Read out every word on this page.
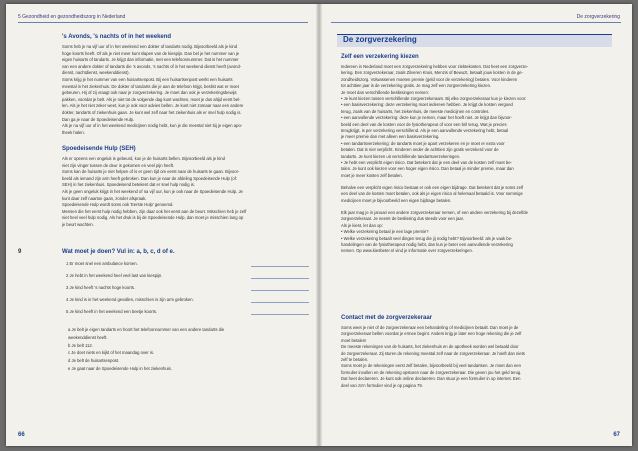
5 Gezondheid en gezondheidszorg in Nederland
's Avonds, 's nachts of in het weekend
Soms heb je na vijf uur of in het weekend een dokter of tandarts nodig. Bijvoorbeeld als je kind
hoge koorts heeft. Of als je niet meer kunt slapen van de kiespijn. Dan bel je het nummer van je
eigen huisarts of tandarts. Je krijgt dan informatie, met een telefoonnummer. Dat is het nummer
van een andere dokter of tandarts die 's avonds, 's nachts of in het weekend dienst heeft (avond-
dienst, nachtdienst, weekenddienst).
Soms krijg je het nummer van een huisartsenpost. Bij een huisartsenpost werkt een huisarts
meestal in het ziekenhuis. De dokter of tandarts die je aan de telefoon krijgt, beslist wat er moet
gebeuren. Hij of zij vraagt ook naar je zorgverzekering. Je moet dan ook je verzekeringsbewijs
pakken, voordat je belt. Als je niet tot de volgende dag kunt wachten, moet je dus altijd eerst bel-
len. Als je het niet zeker weet, kun je ook voor advies bellen. Je kunt niet zomaar naar een andere
dokter, tandarts of ziekenhuis gaan. Je kunt wel zelf naar het ziekenhuis als er snel hulp nodig is.
Dan ga je naar de Spoedeisende Hulp.
Als je na vijf uur of in het weekend medicijnen nodig hebt, kun je die meestal niet bij je eigen apo-
theek halen.
Spoedeisende Hulp (SEH)
Als er opeens een ongeluk is gebeurd, kun je de huisarts bellen. Bijvoorbeeld als je kind
niet zijn vinger tussen de deur is gekomen en veel pijn heeft.
Soms kan de huisarts je niet helpen of is er geen tijd om eerst naar de huisarts te gaan. Bijvoor-
beeld als iemand zijn arm heeft gebroken. Dan kun je naar de afdeling Spoedeisende Hulp (of:
SEH) in het ziekenhuis. Spoedeisend betekent dat er snel hulp nodig is.
Als je geen ongeluk krijgt in het weekend of na vijf uur, kun je ook naar de Spoedeisende Hulp. Je
kunt daar zelf naartoe gaan, zonder afspraak.
Spoedeisende Hulp wordt soms ook 'Eerste Hulp' genoemd.
Mensen die het eerst hulp nodig hebben, zijn daar ook het eerst aan de beurt. Misschien heb je zelf
niet heel veel hulp nodig. Als het druk is bij de Spoedeisende Hulp, dan moet je misschien lang op
je beurt wachten.
9	Wat moet je doen? Vul in: a, b, c, d of e.
1 Er moet snel een ambulance komen.
2 Je hebt in het weekend heel veel last van kiespijn.
3 Je kind heeft 's nachts hoge koorts.
4 Je kind is in het weekend gevallen, misschien is zijn arm gebroken.
5 Je kind heeft in het weekend een beetje koorts.
a Je belt je eigen tandarts en hoort het telefoonnummer van een andere tandarts die
weekenddienst heeft.
b Je belt 112.
c Je doet niets en kijkt of het maandag over is.
d Je belt de huisartsenpost.
e Je gaat naar de Spoedeisende Hulp in het ziekenhuis.
66
De zorgverzekering
De zorgverzekering
Zelf een verzekering kiezen
Iedereen in Nederland moet een zorgverzekering hebben voor ziektekosten. Dat heet een zorgverze-
kering. Een zorgverzekeraar, zoals Zilveren Kruis, Menzis of Bewuzt, betaalt jouw kosten in de ge-
zondheidszorg. Volwassenen moeten premie (geld voor de verzekering) betalen. Voor kinderen
tot achttien jaar is de verzekering gratis. Je mag zelf een zorgverzekering kiezen.
Je moet dan verschillende beslissingen nemen:
• Je kunt kiezen tussen verschillende zorgverzekeraars. Bij elke zorgverzekeraar kun je kiezen voor:
• een basisverzekering: deze verzekering moet iedereen hebben. Je krijgt de kosten vergoed
terug, zoals van de huisarts, het ziekenhuis, de meeste medicijnen en controles.
• een aanvullende verzekering: deze kun je nemen, maar het hoeft niet. Je krijgt dan bijvoor-
beeld een deel van de kosten voor de fysiotherapeut of voor een bril terug. Wat je precies
terugkrijgt, is per verzekering verschillend. Als je een aanvullende verzekering hebt, betaal
je meer premie dan met alleen een basisverzekering.
• een tandartsverzekering: de tandarts moet je apart verzekeren en je moet er extra voor
betalen. Dat is niet verplicht. Kinderen onder de achttien zijn gratis verzekerd voor de
tandarts. Je kunt kiezen uit verschillende tandartsverzekeringen.
• Je hebt een verplicht eigen risico. Dat betekent dat je een deel van de kosten zelf moet be-
talen. Je kunt ook kiezen voor een hoger eigen risico. Dan betaal je minder premie, maar dan
moet je meer kosten zelf betalen.
Behalve een verplicht eigen risico bestaat er ook een eigen bijdrage. Dat betekent dat je soms zelf
een deel van de kosten moet betalen, ook als je eigen risico al helemaal betaald is. Voor sommige
medicijnen moet je bijvoorbeeld een eigen bijdrage betalen.
Elk jaar mag je in januari een andere zorgverzekeraar nemen, of een andere verzekering bij dezelfde
zorgverzekeraar. Je neemt de beslissing dus steeds voor een jaar.
Als je kiest, let dan op:
• Welke verzekering betaal je een lage premie?
• Welke verzekering betaalt veel dingen terug die jij nodig hebt? Bijvoorbeeld: als je vaak be-
handelingen van de fysiotherapeut nodig hebt, dan kun je beter een aanvullende verzekering
nemen. Op www.kiesbeter.nl vind je informatie over zorgverzekeringen.
Contact met de zorgverzekeraar
Soms weet je niet of de zorgverzekeraar een behandeling of medicijnen betaalt. Dan moet je de
zorgverzekeraar bellen voordat je ermee begint. Anders krijg je later een hoge rekening die je zelf
moet betalen!
De meeste rekeningen van de huisarts, het ziekenhuis en de apotheek worden wel betaald door
de zorgverzekeraar. Zij sturen de rekening meestal zelf naar de zorgverzekeraar. Je hoeft dan niets
zelf te betalen.
Soms moet je de rekeningen eerst zelf betalen, bijvoorbeeld bij veel tandartsen. Je moet dan een
formulier invullen en de rekening opsturen naar de zorgverzekeraar. Die geven jou het geld terug.
Dat heet declareren. Je kunt ook online declareren. Dan stuur je een formulier in op internet. Een
deel van zo'n formulier vind je op pagina 79.
67
